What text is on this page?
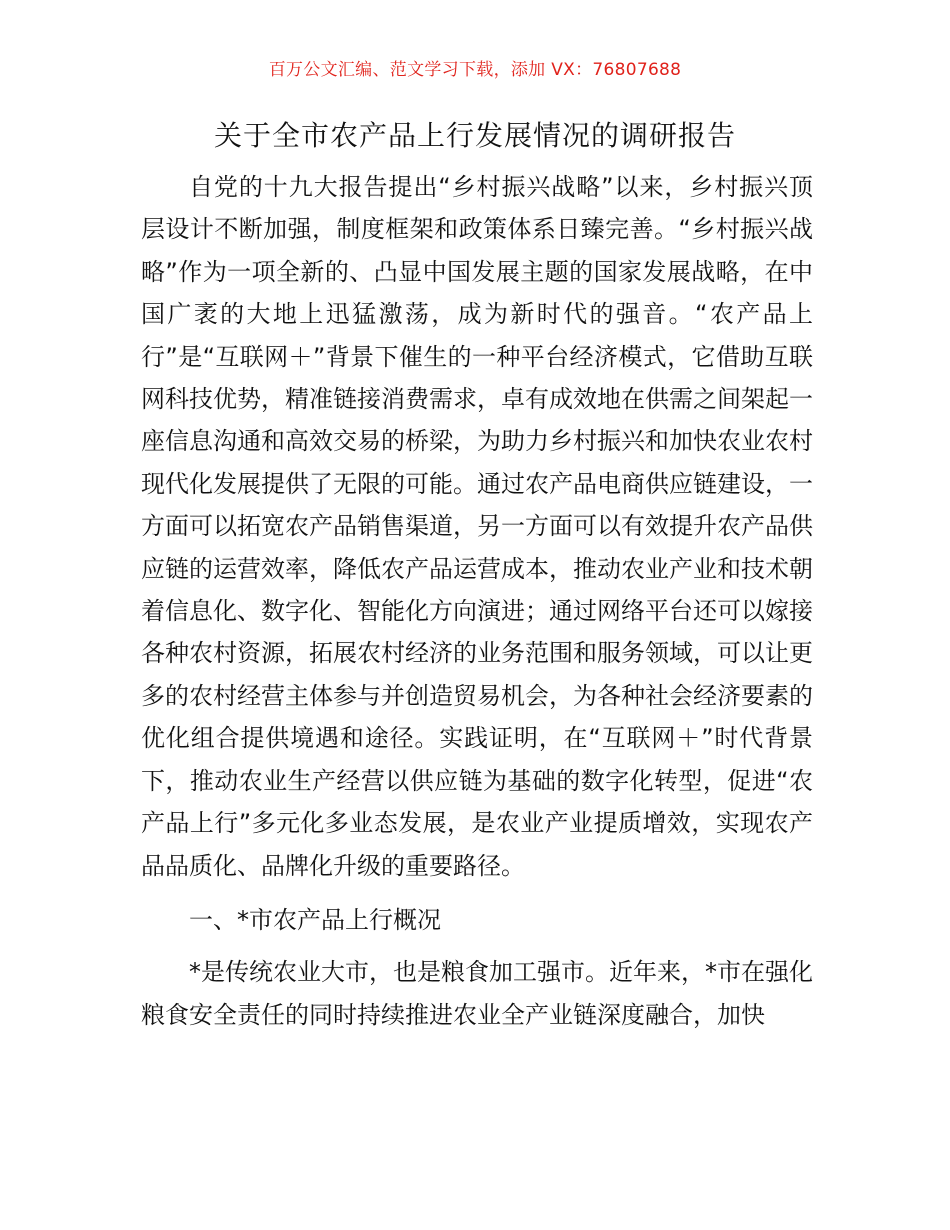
百万公文汇编、范文学习下载，添加 VX：76807688
关于全市农产品上行发展情况的调研报告

自党的十九大报告提出“乡村振兴战略”以来，乡村振兴顶层设计不断加强，制度框架和政策体系日臻完善。“乡村振兴战略”作为一项全新的、凸显中国发展主题的国家发展战略，在中国广袤的大地上迅猛激荡，成为新时代的强音。“农产品上行”是“互联网＋”背景下催生的一种平台经济模式，它借助互联网科技优势，精准链接消费需求，卓有成效地在供需之间架起一座信息沟通和高效交易的桥梁，为助力乡村振兴和加快农业农村现代化发展提供了无限的可能。通过农产品电商供应链建设，一方面可以拓宽农产品销售渠道，另一方面可以有效提升农产品供应链的运营效率，降低农产品运营成本，推动农业产业和技术朝着信息化、数字化、智能化方向演进；通过网络平台还可以嫁接各种农村资源，拓展农村经济的业务范围和服务领域，可以让更多的农村经营主体参与并创造贸易机会，为各种社会经济要素的优化组合提供境遇和途径。实践证明，在“互联网＋”时代背景下，推动农业生产经营以供应链为基础的数字化转型，促进“农产品上行”多元化多业态发展，是农业产业提质增效，实现农产品品质化、品牌化升级的重要路径。

一、*市农产品上行概况

*是传统农业大市，也是粮食加工强市。近年来，*市在强化粮食安全责任的同时持续推进农业全产业链深度融合，加快
